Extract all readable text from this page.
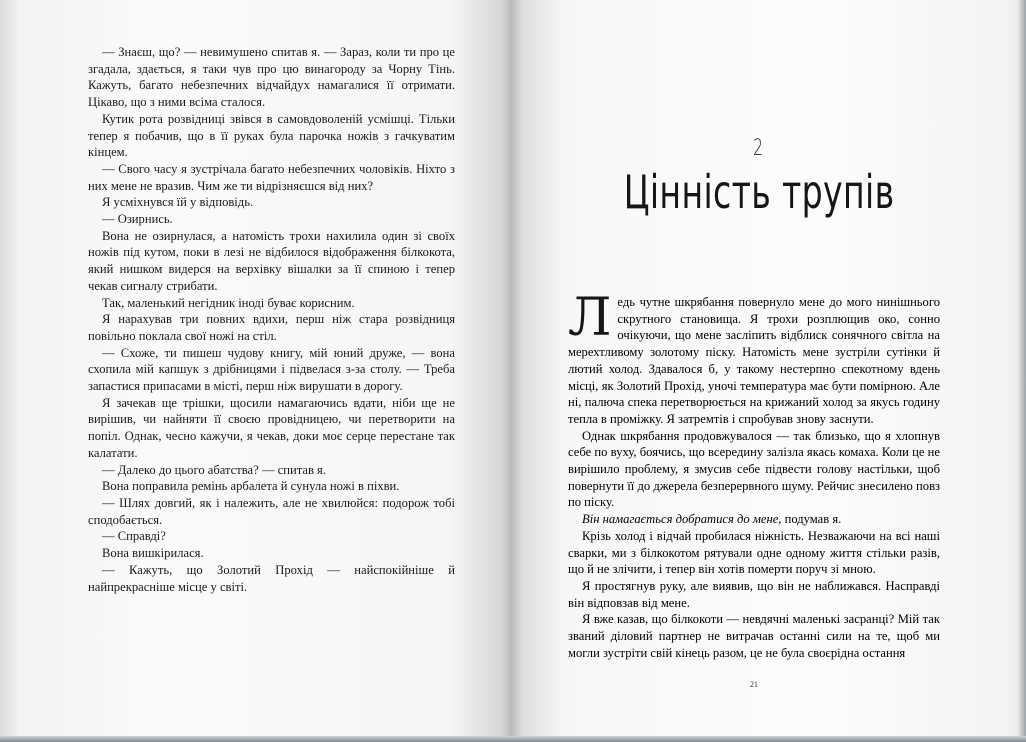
— Знаєш, що? — невимушено спитав я. — Зараз, коли ти про це згадала, здається, я таки чув про цю винагороду за Чорну Тінь. Кажуть, багато небезпечних відчайдух намагалися її отримати. Цікаво, що з ними всіма сталося.

Кутик рота розвідниці звівся в самовдоволеній усмішці. Тільки тепер я побачив, що в її руках була парочка ножів з гачкуватим кінцем.

— Свого часу я зустрічала багато небезпечних чоловіків. Ніхто з них мене не вразив. Чим же ти відрізняєшся від них?

Я усміхнувся їй у відповідь.

— Озирнись.

Вона не озирнулася, а натомість трохи нахилила один зі своїх ножів під кутом, поки в лезі не відбилося відображення білкокота, який нишком видерся на верхівку вішалки за її спиною і тепер чекав сигналу стрибати.

Так, маленький негідник іноді буває корисним.

Я нарахував три повних вдихи, перш ніж стара розвідниця повільно поклала свої ножі на стіл.

— Схоже, ти пишеш чудову книгу, мій юний друже, — вона схопила мій капшук з дрібницями і підвелася з-за столу. — Треба запастися припасами в місті, перш ніж вирушати в дорогу.

Я зачекав ще трішки, щосили намагаючись вдати, ніби ще не вирішив, чи найняти її своєю провідницею, чи перетворити на попіл. Однак, чесно кажучи, я чекав, доки моє серце перестане так калатати.

— Далеко до цього абатства? — спитав я.

Вона поправила ремінь арбалета й сунула ножі в піхви.

— Шлях довгий, як і належить, але не хвилюйся: подорож тобі сподобається.

— Справді?

Вона вишкірилася.

— Кажуть, що Золотий Прохід — найспокійніше й найпрекрасніше місце у світі.

2
Цінність трупів

Ледь чутне шкрябання повернуло мене до мого нинішнього скрутного становища. Я трохи розплющив око, сонно очікуючи, що мене засліпить відблиск сонячного світла на мерехтливому золотому піску. Натомість мене зустріли сутінки й лютий холод. Здавалося б, у такому нестерпно спекотному вдень місці, як Золотий Прохід, уночі температура має бути помірною. Але ні, палюча спека перетворюється на крижаний холод за якусь годину тепла в проміжку. Я затремтів і спробував знову заснути.

Однак шкрябання продовжувалося — так близько, що я хлопнув себе по вуху, боячись, що всередину залізла якась комаха. Коли це не вирішило проблему, я змусив себе підвести голову настільки, щоб повернути її до джерела безперервного шуму. Рейчис знесилено повз по піску.

Він намагається добратися до мене, подумав я.

Крізь холод і відчай пробилася ніжність. Незважаючи на всі наші сварки, ми з білкокотом рятували одне одному життя стільки разів, що й не злічити, і тепер він хотів померти поруч зі мною.

Я простягнув руку, але виявив, що він не наближався. Насправді він відповзав від мене.

Я вже казав, що білкокоти — невдячні маленькі засранці? Мій так званий діловий партнер не витрачав останні сили на те, щоб ми могли зустріти свій кінець разом, це не була своєрідна остання

21
